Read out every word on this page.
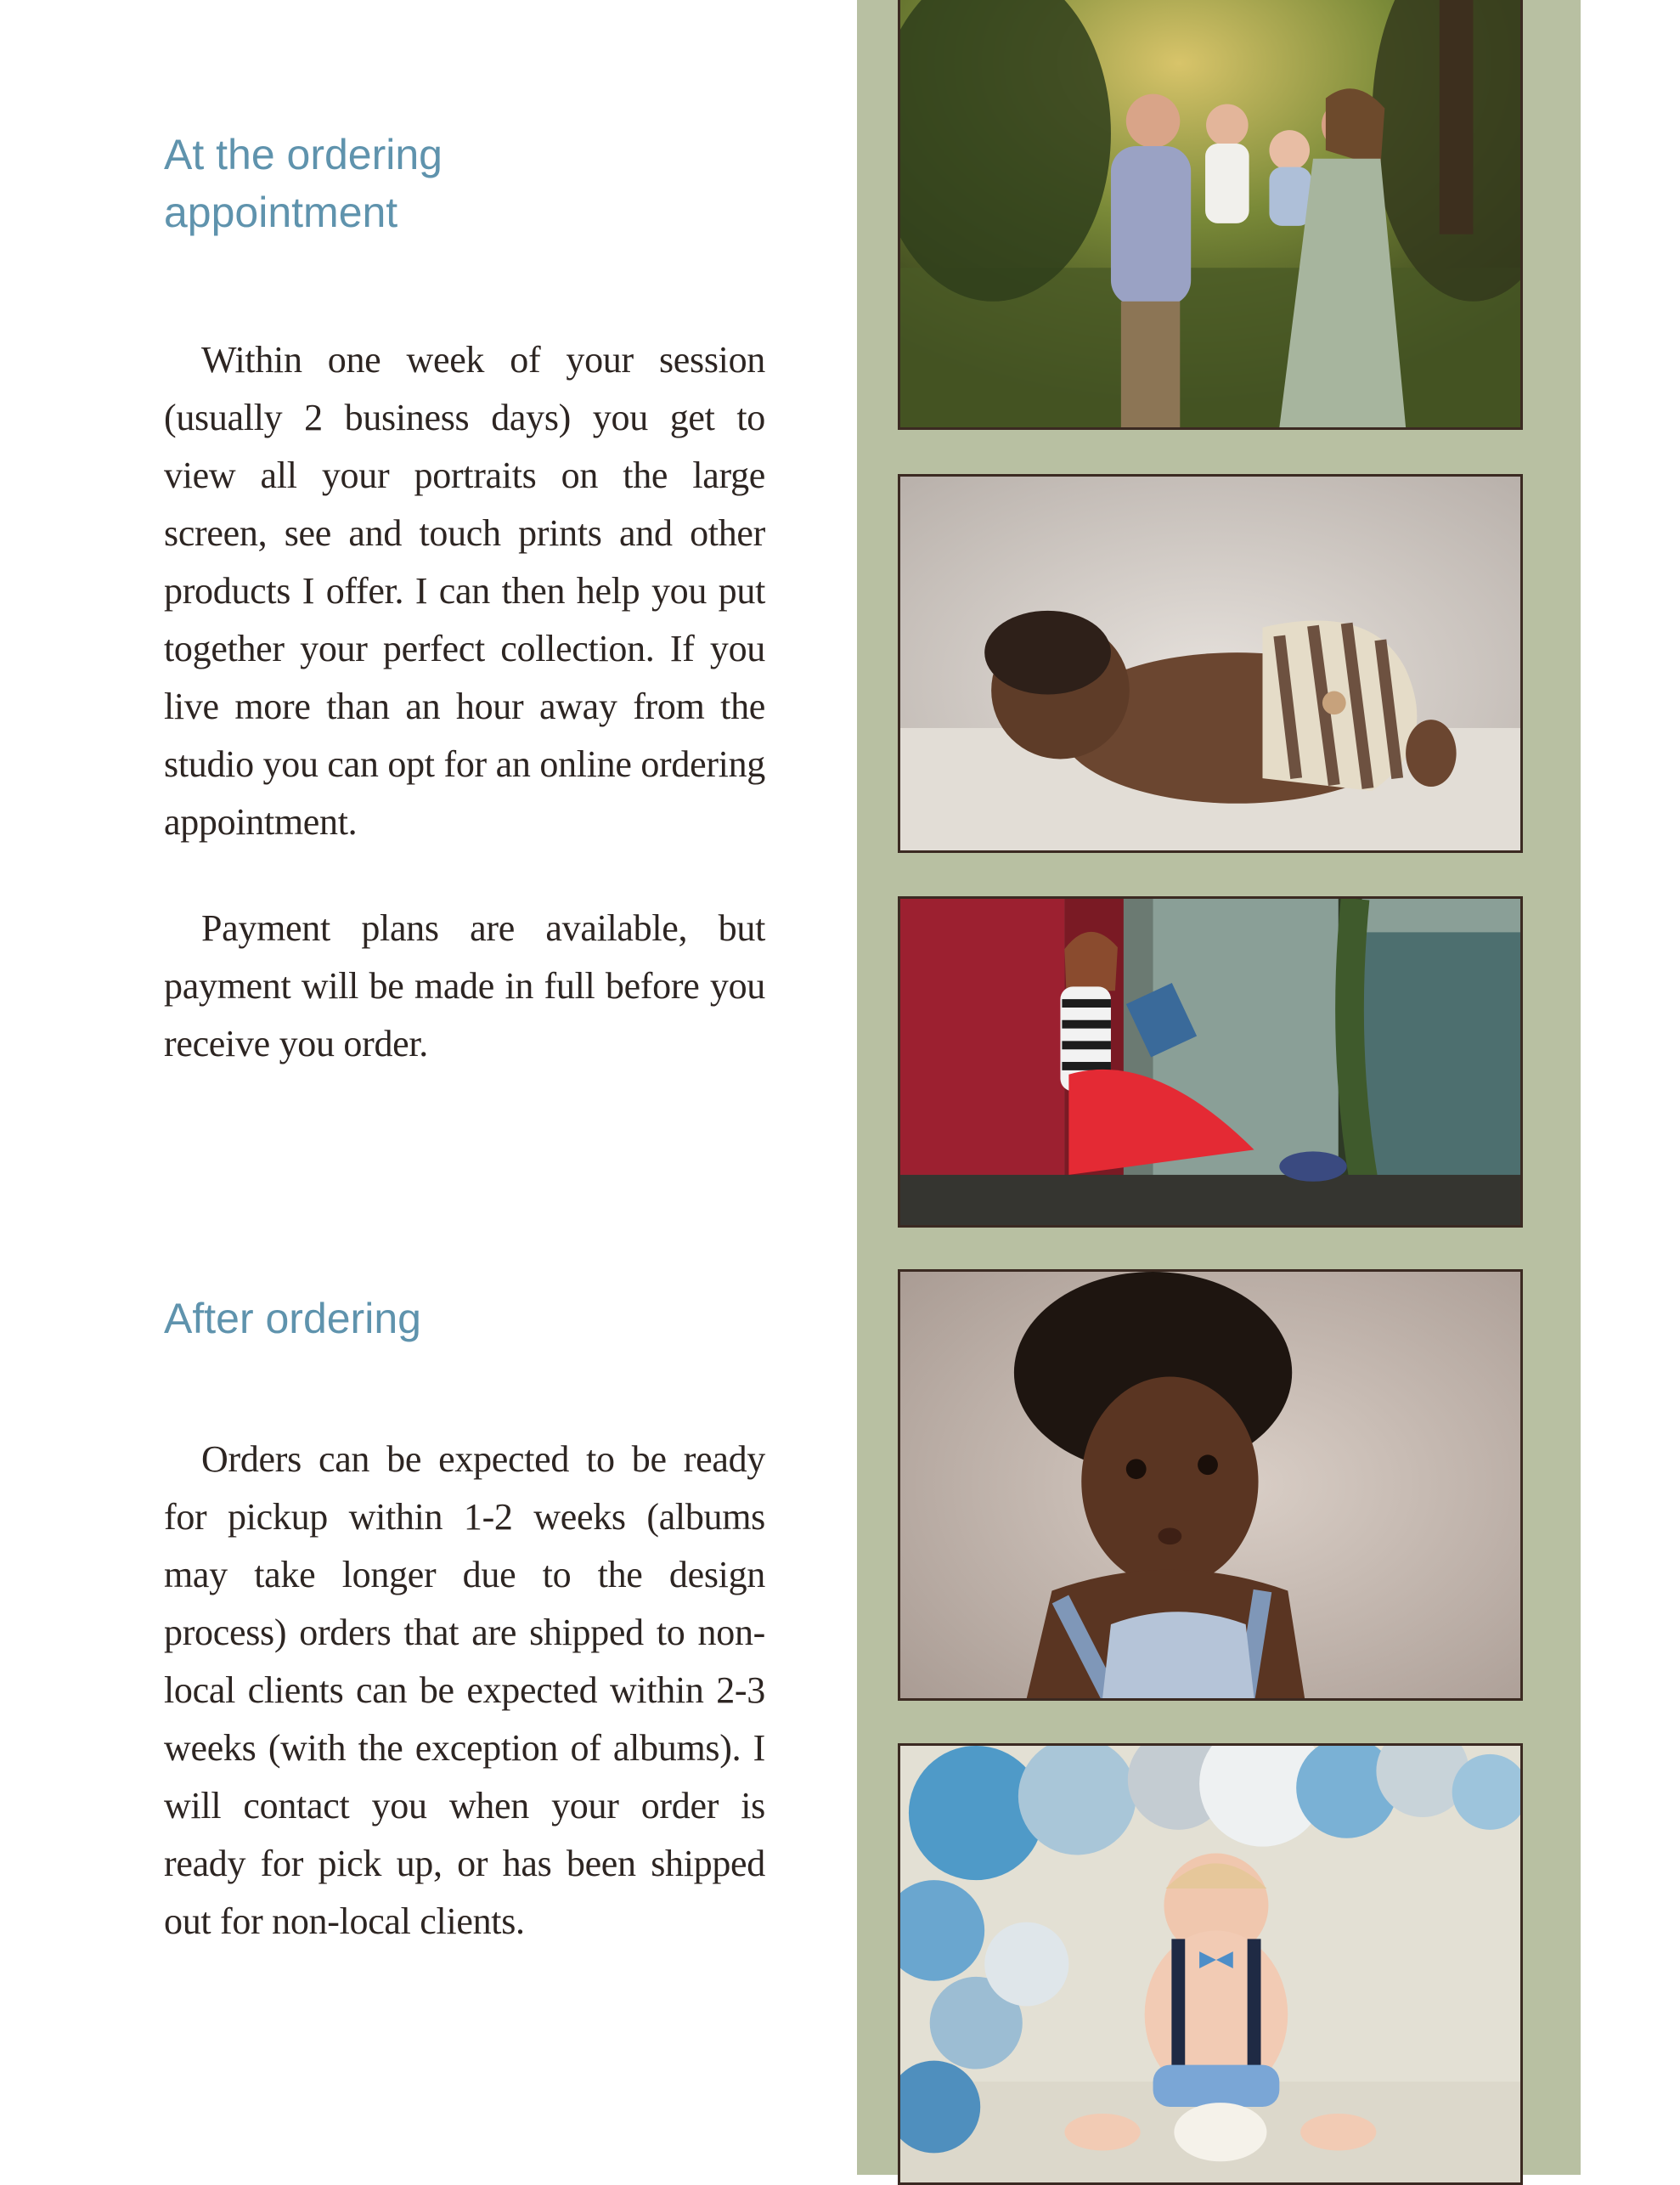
At the ordering appointment

Within one week of your session (usually 2 business days) you get to view all your portraits on the large screen, see and touch prints and other products I offer. I can then help you put together your perfect collection. If you live more than an hour away from the studio you can opt for an online ordering appointment.

Payment plans are available, but payment will be made in full before you receive you order.

After ordering

Orders can be expected to be ready for pickup within 1-2 weeks (albums may take longer due to the design process) orders that are shipped to non-local clients can be expected within 2-3 weeks (with the exception of albums). I will contact you when your order is ready for pick up, or has been shipped out for non-local clients.
